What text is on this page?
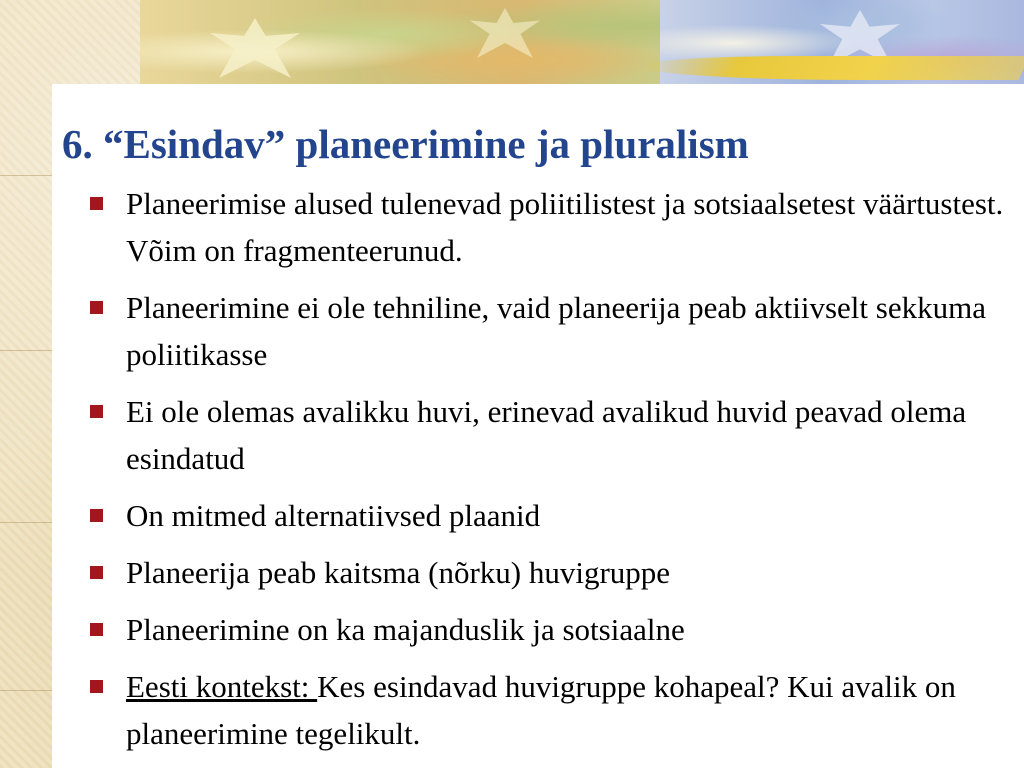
6. “Esindav” planeerimine ja pluralism
Planeerimise alused tulenevad poliitilistest ja sotsiaalsetest väärtustest. Võim on fragmenteerunud.
Planeerimine ei ole tehniline, vaid planeerija peab aktiivselt sekkuma poliitikasse
Ei ole olemas avalikku huvi, erinevad avalikud huvid peavad olema esindatud
On mitmed alternatiivsed plaanid
Planeerija peab kaitsma (nõrku) huvigruppe
Planeerimine on ka majanduslik ja sotsiaalne
Eesti kontekst: Kes esindavad huvigruppe kohapeal? Kui avalik on planeerimine tegelikult.
